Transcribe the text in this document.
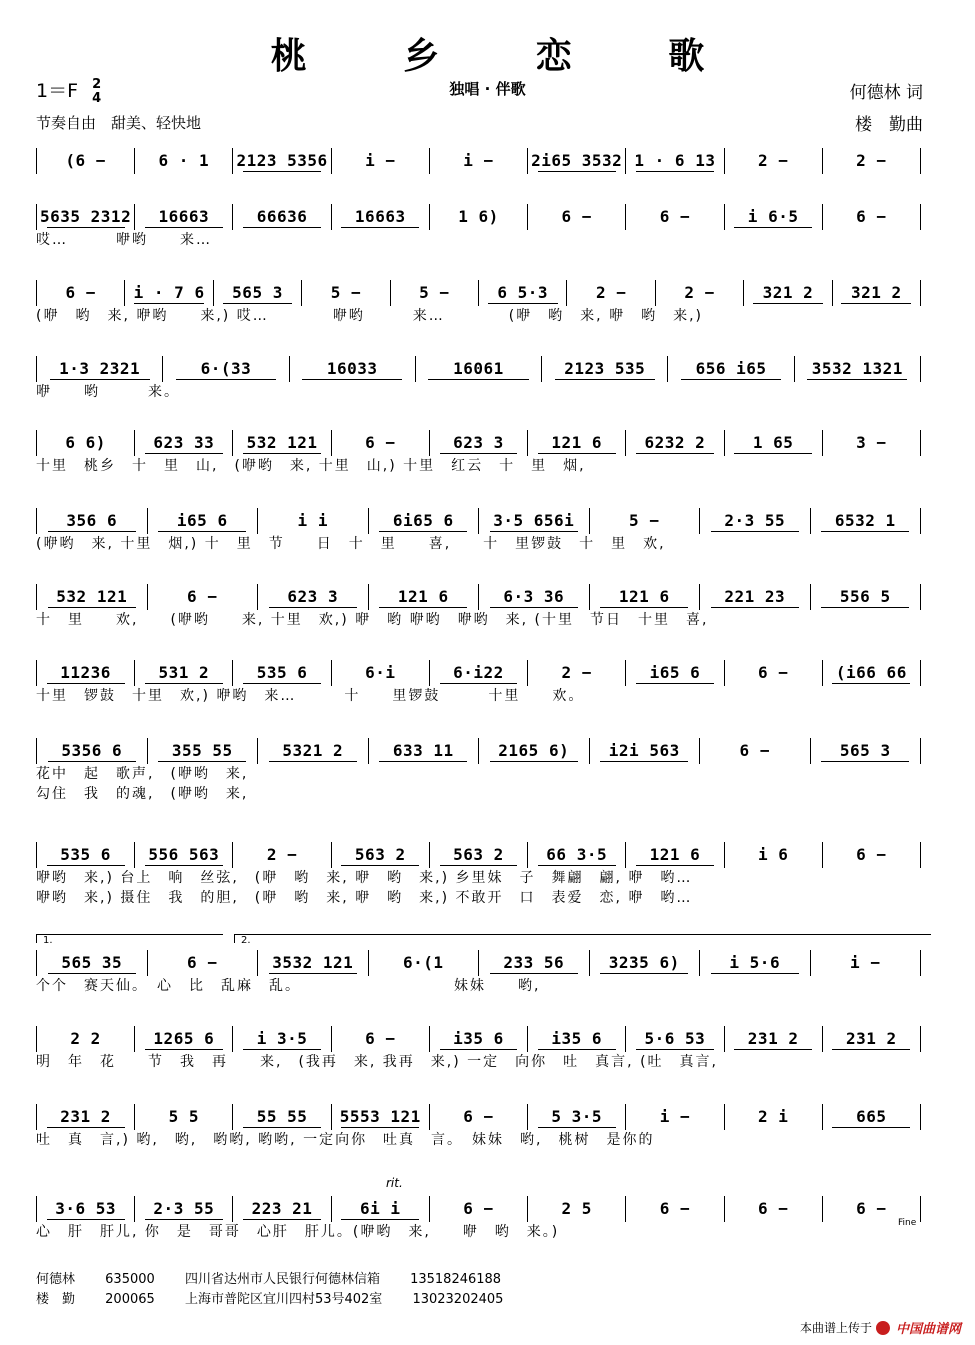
桃 乡 恋 歌
1＝F 2
4	独唱 · 伴歌
节奏自由　甜美、轻快地
何德林 词
楼　勤曲
(6 −	6 · 1	2123 5356	i −	i −	2i65 3532 1 · 6 13	2 −	2 −
5635 2312	16663	66636	16663	1 6)	6 −	6 −	i 6·5	6 −
哎…　　　咿哟　　来…
6 −	i · 7 6	565 3	5 −	5 −	6 5·3	2 −	2 −	321 2	321 2
(咿　哟　来, 咿哟　　来,) 哎…　　　　咿哟　　　来…　　　　(咿　哟　来, 咿　哟　来,)
1·3 2321	6·(33	16033	16061	2123 535	656 i65	3532 1321
咿　　哟　　　来。
6 6)	623 33	532 121	6 −	623 3	121 6	6232 2	1 65	3 −
十里　桃乡　十　里　山,　(咿哟　来, 十里　山,) 十里　红云　十　里　烟,
356 6	i65 6	i i	6i65 6	3·5 656i	5 −	2·3 55	6532 1
(咿哟　来, 十里　烟,) 十　里　节　　日　十　里　　喜,　　十　里锣鼓　十　里　欢,
532 121	6 −	623 3	121 6	6·3 36	121 6	221 23	556 5
十　里　　欢,　　(咿哟　　来, 十里　欢,) 咿　哟 咿哟　咿哟　来, (十里　节日　十里　喜,
11236	531 2	535 6	6·i	6·i22	2 −	i65 6	6 −	(i66 66
十里　锣鼓　十里　欢,) 咿哟　来…　　　十　　里锣鼓　　　十里　　欢。
5356 6	355 55	5321 2	633 11	2165 6)	i2i 563	6 −	565 3
花中　起　歌声,　(咿哟　来,
勾住　我　的魂,　(咿哟　来,
535 6	556 563	2 −	563 2	563 2	66 3·5	121 6	i 6	6 −
咿哟　来,) 台上　响　丝弦,　(咿　哟　来, 咿　哟　来,) 乡里妹　子　舞翩　翩, 咿　哟…
咿哟　来,) 摄住　我　的胆,　(咿　哟　来, 咿　哟　来,) 不敢开　口　表爱　恋, 咿　哟…
565 35	6 −	3532 121	6·(1	233 56	3235 6)	i 5·6	i −
个个　赛天仙。　心　比　乱麻　乱。　　　　　　　　　　妹妹　　哟,
2 2	1265 6	i 3·5	6 −	i35 6	i35 6	5·6 53	231 2	231 2
明　年　花　　节　我　再　　来,　(我再　来, 我再　来,) 一定　向你　吐　真言, (吐　真言,
231 2	5 5	55 55	5553 121	6 −	5 3·5	i −	2 i	665
吐　真　言,) 哟,　哟,　哟哟, 哟哟, 一定向你　吐真　言。　妹妹　哟,　桃树　是你的
3·6 53	2·3 55	223 21	6i i	6 −	2 5	6 −	6 −	6 −
心　肝　肝儿, 你　是　哥哥　心肝　肝儿。(咿哟　来,　　咿　哟　来。)
1.	2.
rit.
Fine
何德林 635000 四川省达州市人民银行何德林信箱 13518246188
楼　勤 200065 上海市普陀区宜川四村53号402室 13023202405
本曲谱上传于 中国曲谱网
